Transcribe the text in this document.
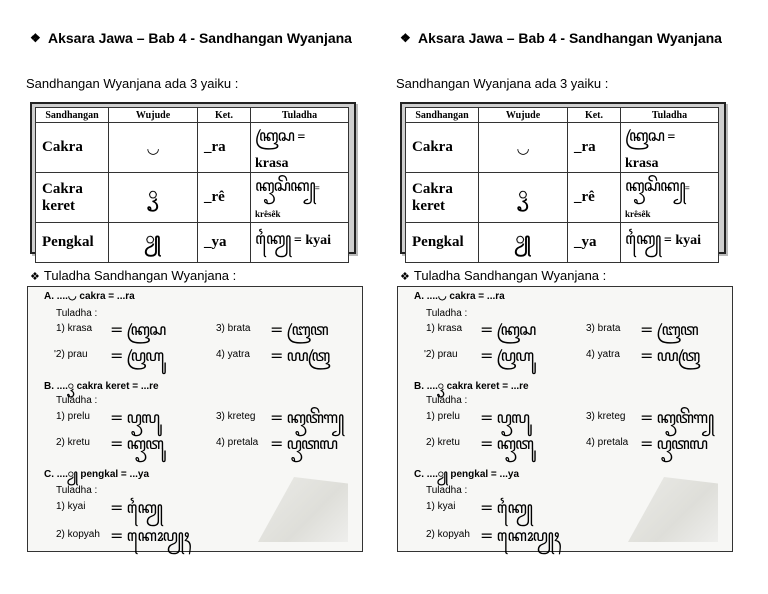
❖ Aksara Jawa – Bab 4 - Sandhangan Wyanjana
Sandhangan Wyanjana ada 3 yaiku :
Sandhangan	Wujude	Ket.	Tuladha
Cakra	◡	_ra	ꦏꦿꦱ = krasa
Cakra keret	ꦽ	_rê	ꦏꦽꦱꦼꦏ꧀= krêsêk
Pengkal	ꦾ	_ya	ꦏꦾꦻ = kyai
❖ Tuladha Sandhangan Wyanjana :
A. ....◡ cakra = ...ra
Tuladha :
1) krasa = ꦏꦿꦱ	3) brata = ꦧꦿꦠ
'2) prau = ꦥꦿꦲꦸ	4) yatra = ꦪꦠꦿ
B. ....ꦽ cakra keret = ...re
Tuladha :
1) prelu = ꦥꦽꦭꦸ	3) kreteg = ꦏꦽꦠꦼꦒ꧀
2) kretu = ꦏꦽꦠꦸ	4) pretala = ꦥꦽꦠꦭ
C. ....ꦾ pengkal = ...ya
Tuladha :
1) kyai = ꦏꦾꦻ
2) kopyah = ꦏꦺꦴꦥꦾꦃ
❖ Aksara Jawa – Bab 4 - Sandhangan Wyanjana
Sandhangan Wyanjana ada 3 yaiku :
Sandhangan	Wujude	Ket.	Tuladha
Cakra	◡	_ra	ꦏꦿꦱ = krasa
Cakra keret	ꦽ	_rê	ꦏꦽꦱꦼꦏ꧀= krêsêk
Pengkal	ꦾ	_ya	ꦏꦾꦻ = kyai
❖ Tuladha Sandhangan Wyanjana :
A. ....◡ cakra = ...ra
Tuladha :
1) krasa = ꦏꦿꦱ	3) brata = ꦧꦿꦠ
'2) prau = ꦥꦿꦲꦸ	4) yatra = ꦪꦠꦿ
B. ....ꦽ cakra keret = ...re
Tuladha :
1) prelu = ꦥꦽꦭꦸ	3) kreteg = ꦏꦽꦠꦼꦒ꧀
2) kretu = ꦏꦽꦠꦸ	4) pretala = ꦥꦽꦠꦭ
C. ....ꦾ pengkal = ...ya
Tuladha :
1) kyai = ꦏꦾꦻ
2) kopyah = ꦏꦺꦴꦥꦾꦃ
